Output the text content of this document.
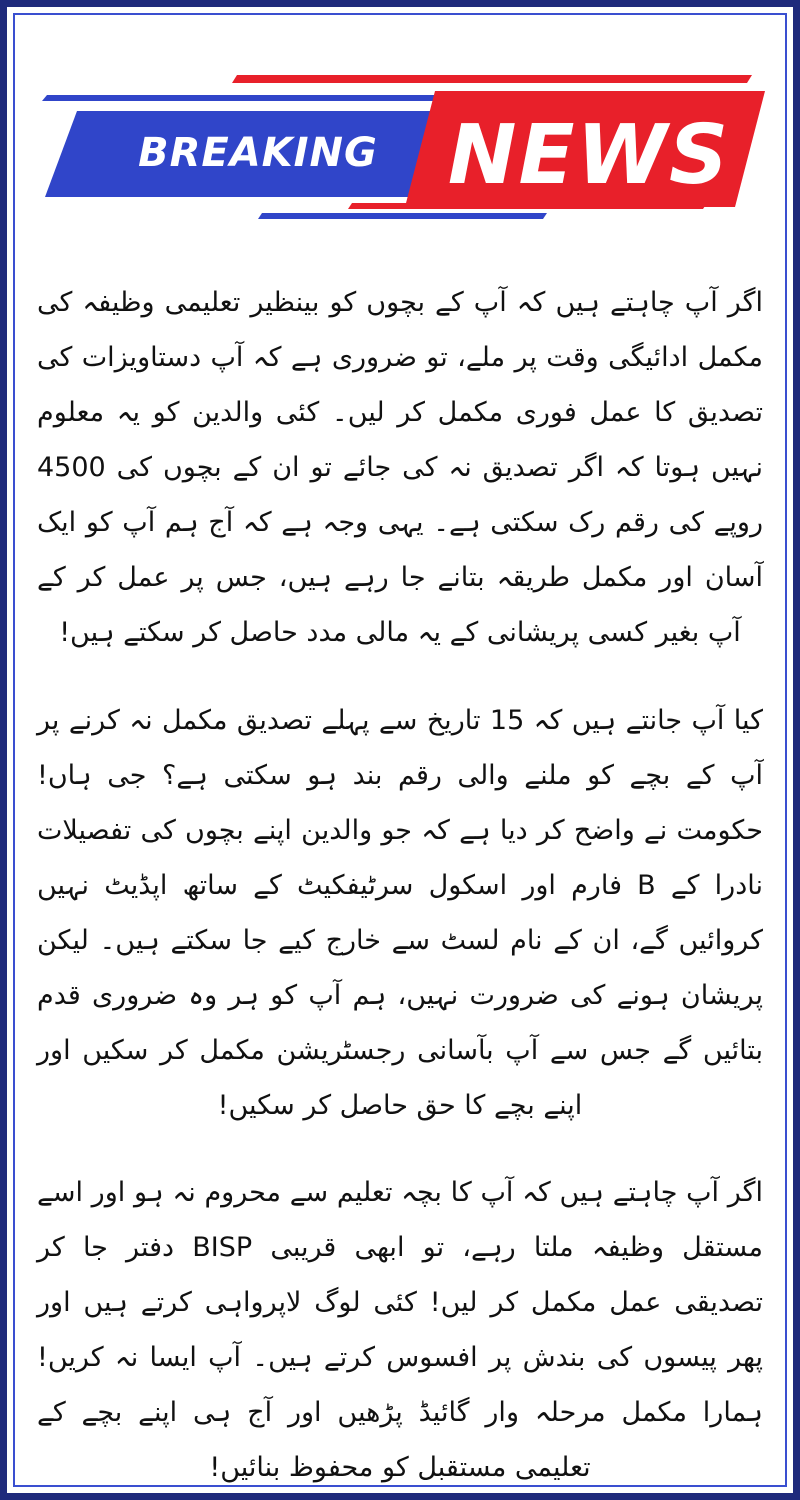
BREAKING NEWS

اگر آپ چاہتے ہیں کہ آپ کے بچوں کو بینظیر تعلیمی وظیفہ کی مکمل ادائیگی وقت پر ملے، تو ضروری ہے کہ آپ دستاویزات کی تصدیق کا عمل فوری مکمل کر لیں۔ کئی والدین کو یہ معلوم نہیں ہوتا کہ اگر تصدیق نہ کی جائے تو ان کے بچوں کی 4500 روپے کی رقم رک سکتی ہے۔ یہی وجہ ہے کہ آج ہم آپ کو ایک آسان اور مکمل طریقہ بتانے جا رہے ہیں، جس پر عمل کر کے آپ بغیر کسی پریشانی کے یہ مالی مدد حاصل کر سکتے ہیں!

کیا آپ جانتے ہیں کہ 15 تاریخ سے پہلے تصدیق مکمل نہ کرنے پر آپ کے بچے کو ملنے والی رقم بند ہو سکتی ہے؟ جی ہاں! حکومت نے واضح کر دیا ہے کہ جو والدین اپنے بچوں کی تفصیلات نادرا کے B فارم اور اسکول سرٹیفکیٹ کے ساتھ اپڈیٹ نہیں کروائیں گے، ان کے نام لسٹ سے خارج کیے جا سکتے ہیں۔ لیکن پریشان ہونے کی ضرورت نہیں، ہم آپ کو ہر وہ ضروری قدم بتائیں گے جس سے آپ بآسانی رجسٹریشن مکمل کر سکیں اور اپنے بچے کا حق حاصل کر سکیں!

اگر آپ چاہتے ہیں کہ آپ کا بچہ تعلیم سے محروم نہ ہو اور اسے مستقل وظیفہ ملتا رہے، تو ابھی قریبی BISP دفتر جا کر تصدیقی عمل مکمل کر لیں! کئی لوگ لاپرواہی کرتے ہیں اور پھر پیسوں کی بندش پر افسوس کرتے ہیں۔ آپ ایسا نہ کریں! ہمارا مکمل مرحلہ وار گائیڈ پڑھیں اور آج ہی اپنے بچے کے تعلیمی مستقبل کو محفوظ بنائیں!
